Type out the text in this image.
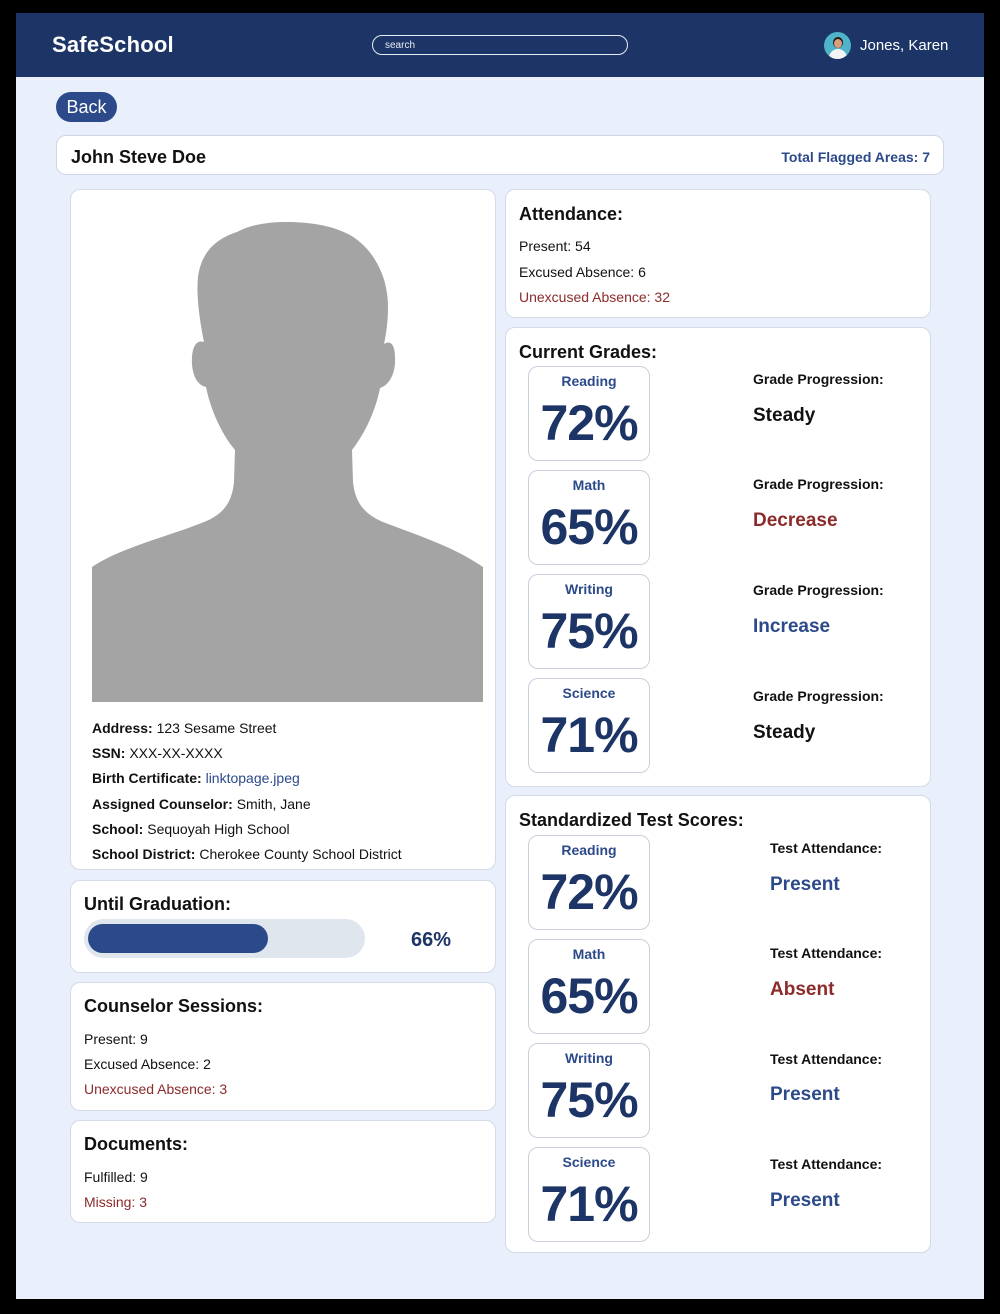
SafeSchool
search	Jones, Karen
Back
John Steve Doe	Total Flagged Areas: 7
Address: 123 Sesame Street
SSN: XXX-XX-XXXX
Birth Certificate: linktopage.jpeg
Assigned Counselor: Smith, Jane
School: Sequoyah High School
School District: Cherokee County School District
Until Graduation:
66%
Counselor Sessions:
Present: 9
Excused Absence: 2
Unexcused Absence: 3
Documents:
Fulfilled: 9
Missing: 3
Attendance:
Present: 54
Excused Absence: 6
Unexcused Absence: 32
Current Grades:
Reading
72%
Grade Progression:
Steady
Math
65%
Grade Progression:
Decrease
Writing
75%
Grade Progression:
Increase
Science
71%
Grade Progression:
Steady
Standardized Test Scores:
Reading
72%
Test Attendance:
Present
Math
65%
Test Attendance:
Absent
Writing
75%
Test Attendance:
Present
Science
71%
Test Attendance:
Present
